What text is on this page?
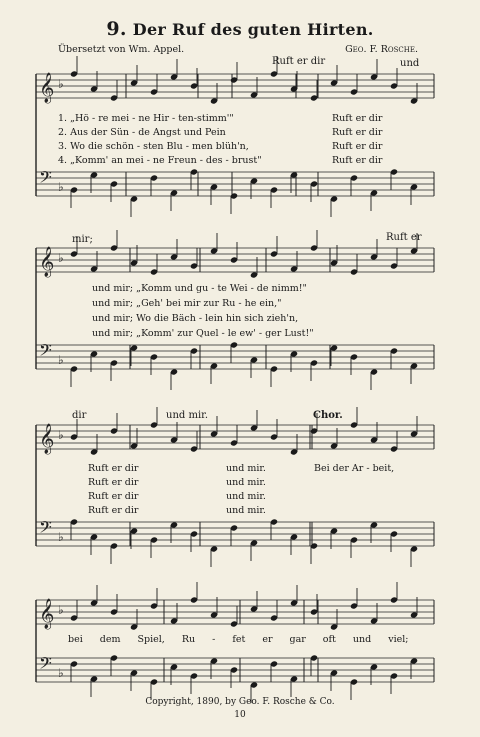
9. Der Ruf des guten Hirten.
Übersetzt von Wm. Appel.	Geo. F. Rosche.
𝄞 ♭
𝄢 ♭
𝄞 ♭
𝄢 ♭
𝄞 ♭
𝄢 ♭
𝄞 ♭
𝄢 ♭
Ruft er dir	und
1. „Hö - re mei - ne Hir - ten-stimm'"	Ruft er dir
2. Aus der Sün - de Angst und Pein	Ruft er dir
3. Wo die schön - sten Blu - men blüh'n,	Ruft er dir
4. „Komm' an mei - ne Freun - des - brust"	Ruft er dir
mir;	Ruft er
und mir; „Komm und gu - te Wei - de nimm!"
und mir; „Geh' bei mir zur Ru - he ein,"
und mir; Wo die Bäch - lein hin sich zieh'n,
und mir; „Komm' zur Quel - le ew' - ger Lust!"
dir	und mir.	Chor.
Ruft er dir	und mir.	Bei der Ar - beit,
Ruft er dir	und mir.
Ruft er dir	und mir.
Ruft er dir	und mir.
bei dem Spiel, Ru - fet er gar oft und viel;
Copyright, 1890, by Geo. F. Rosche & Co.
10
